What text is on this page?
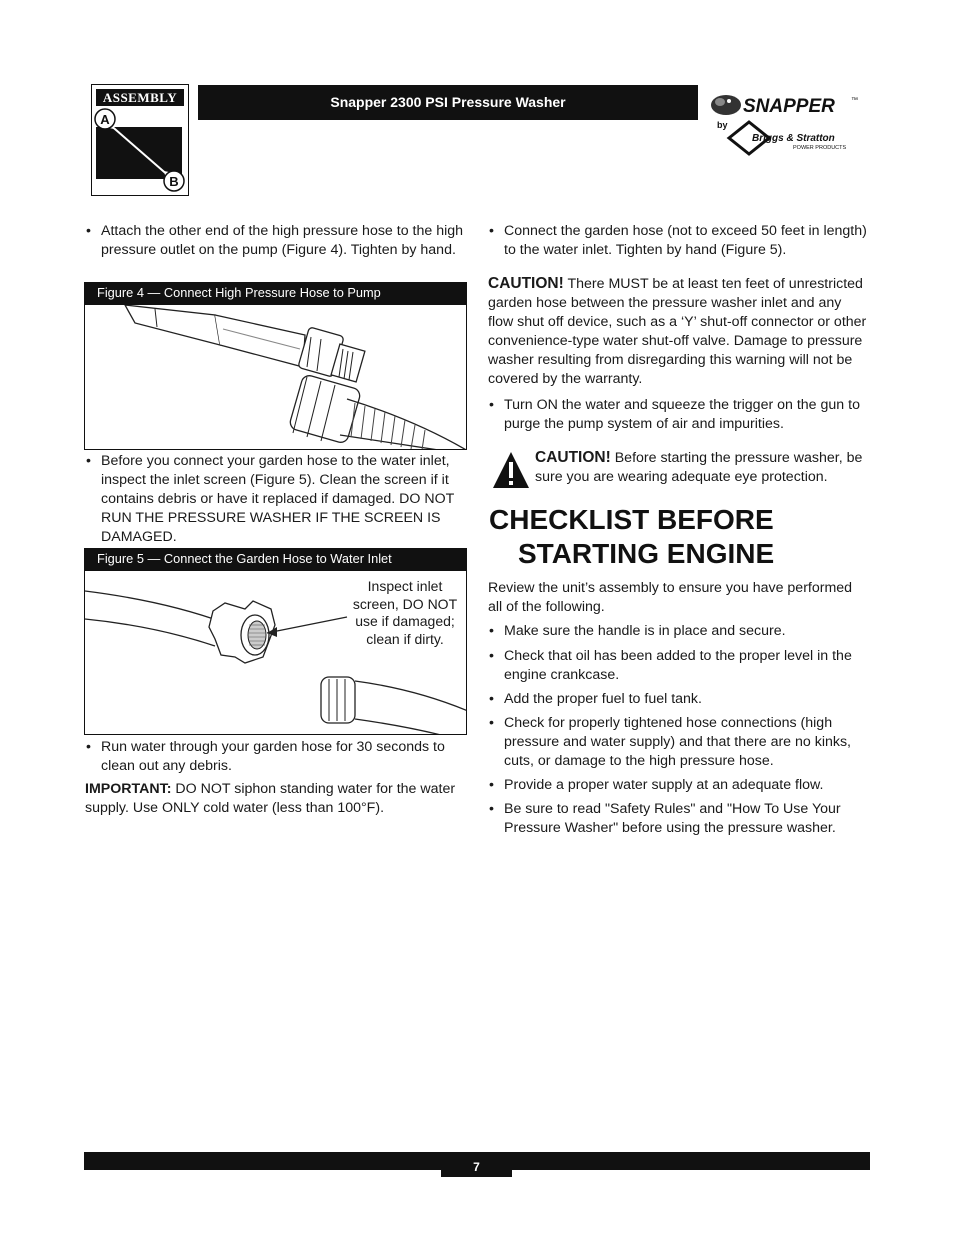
ASSEMBLY
A
B
Snapper 2300 PSI Pressure Washer	SNAPPER ™
by
Briggs & Stratton
POWER PRODUCTS
• Attach the other end of the high pressure hose to the high pressure outlet on the pump (Figure 4). Tighten by hand.
Figure 4 — Connect High Pressure Hose to Pump
• Before you connect your garden hose to the water inlet, inspect the inlet screen (Figure 5). Clean the screen if it contains debris or have it replaced if damaged. DO NOT RUN THE PRESSURE WASHER IF THE SCREEN IS DAMAGED.
Figure 5 — Connect the Garden Hose to Water Inlet
Inspect inlet screen, DO NOT use if damaged; clean if dirty.
• Run water through your garden hose for 30 seconds to clean out any debris.
IMPORTANT: DO NOT siphon standing water for the water supply. Use ONLY cold water (less than 100°F).
• Connect the garden hose (not to exceed 50 feet in length) to the water inlet. Tighten by hand (Figure 5).
CAUTION! There MUST be at least ten feet of unrestricted garden hose between the pressure washer inlet and any flow shut off device, such as a ‘Y’ shut-off connector or other convenience-type water shut-off valve. Damage to pressure washer resulting from disregarding this warning will not be covered by the warranty.
• Turn ON the water and squeeze the trigger on the gun to purge the pump system of air and impurities.
CAUTION! Before starting the pressure washer, be sure you are wearing adequate eye protection.
CHECKLIST BEFORE
STARTING ENGINE
Review the unit’s assembly to ensure you have performed all of the following.
• Make sure the handle is in place and secure.
• Check that oil has been added to the proper level in the engine crankcase.
• Add the proper fuel to fuel tank.
• Check for properly tightened hose connections (high pressure and water supply) and that there are no kinks, cuts, or damage to the high pressure hose.
• Provide a proper water supply at an adequate flow.
• Be sure to read "Safety Rules" and "How To Use Your Pressure Washer" before using the pressure washer.
7
